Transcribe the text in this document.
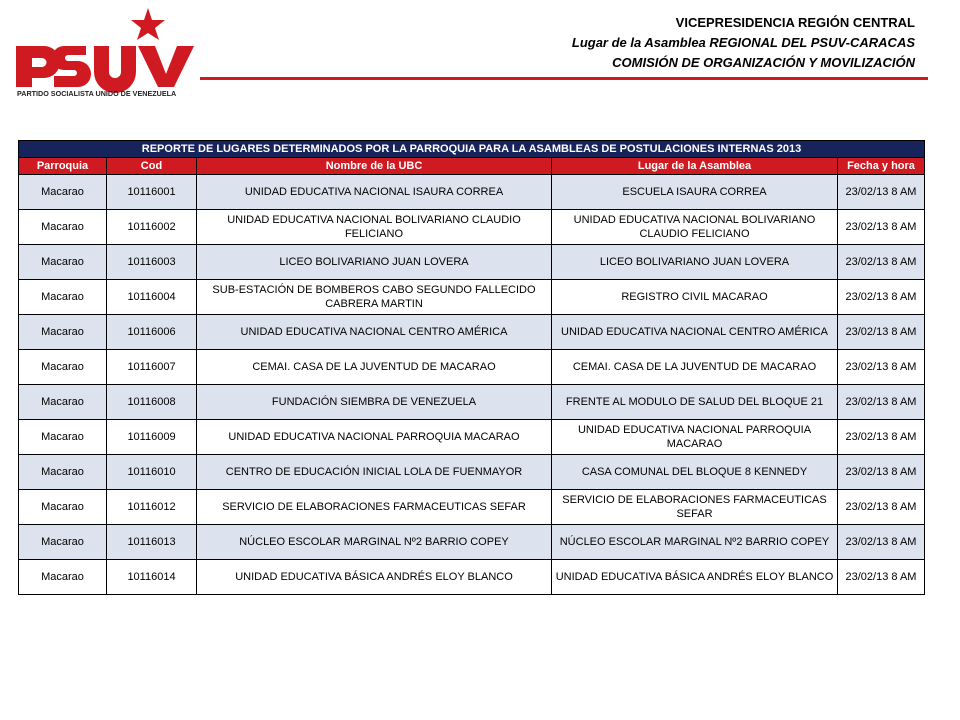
PARTIDO SOCIALISTA UNIDO DE VENEZUELA
VICEPRESIDENCIA REGIÓN CENTRAL
Lugar de la Asamblea REGIONAL DEL PSUV-CARACAS
COMISIÓN DE ORGANIZACIÓN Y MOVILIZACIÓN
REPORTE DE LUGARES DETERMINADOS POR LA PARROQUIA PARA LA ASAMBLEAS DE POSTULACIONES INTERNAS 2013				
Parroquia	Cod	Nombre de la UBC	Lugar de la Asamblea	Fecha y hora
Macarao	10116001	UNIDAD EDUCATIVA NACIONAL ISAURA CORREA	ESCUELA ISAURA CORREA	23/02/13 8 AM
Macarao	10116002	UNIDAD EDUCATIVA NACIONAL BOLIVARIANO CLAUDIO FELICIANO	UNIDAD EDUCATIVA NACIONAL BOLIVARIANO CLAUDIO FELICIANO	23/02/13 8 AM
Macarao	10116003	LICEO BOLIVARIANO JUAN LOVERA	LICEO BOLIVARIANO JUAN LOVERA	23/02/13 8 AM
Macarao	10116004	SUB-ESTACIÓN DE BOMBEROS CABO SEGUNDO FALLECIDO CABRERA MARTIN	REGISTRO CIVIL MACARAO	23/02/13 8 AM
Macarao	10116006	UNIDAD EDUCATIVA NACIONAL CENTRO AMÉRICA	UNIDAD EDUCATIVA NACIONAL CENTRO AMÉRICA	23/02/13 8 AM
Macarao	10116007	CEMAI. CASA DE LA JUVENTUD DE MACARAO	CEMAI. CASA DE LA JUVENTUD DE MACARAO	23/02/13 8 AM
Macarao	10116008	FUNDACIÓN SIEMBRA DE VENEZUELA	FRENTE AL MODULO DE SALUD DEL BLOQUE 21	23/02/13 8 AM
Macarao	10116009	UNIDAD EDUCATIVA NACIONAL PARROQUIA MACARAO	UNIDAD EDUCATIVA NACIONAL PARROQUIA MACARAO	23/02/13 8 AM
Macarao	10116010	CENTRO DE EDUCACIÓN INICIAL LOLA DE FUENMAYOR	CASA COMUNAL DEL BLOQUE 8 KENNEDY	23/02/13 8 AM
Macarao	10116012	SERVICIO DE ELABORACIONES FARMACEUTICAS SEFAR	SERVICIO DE ELABORACIONES FARMACEUTICAS SEFAR	23/02/13 8 AM
Macarao	10116013	NÚCLEO ESCOLAR MARGINAL Nº2 BARRIO COPEY	NÚCLEO ESCOLAR MARGINAL Nº2 BARRIO COPEY	23/02/13 8 AM
Macarao	10116014	UNIDAD EDUCATIVA BÁSICA ANDRÉS ELOY BLANCO	UNIDAD EDUCATIVA BÁSICA ANDRÉS ELOY BLANCO	23/02/13 8 AM
